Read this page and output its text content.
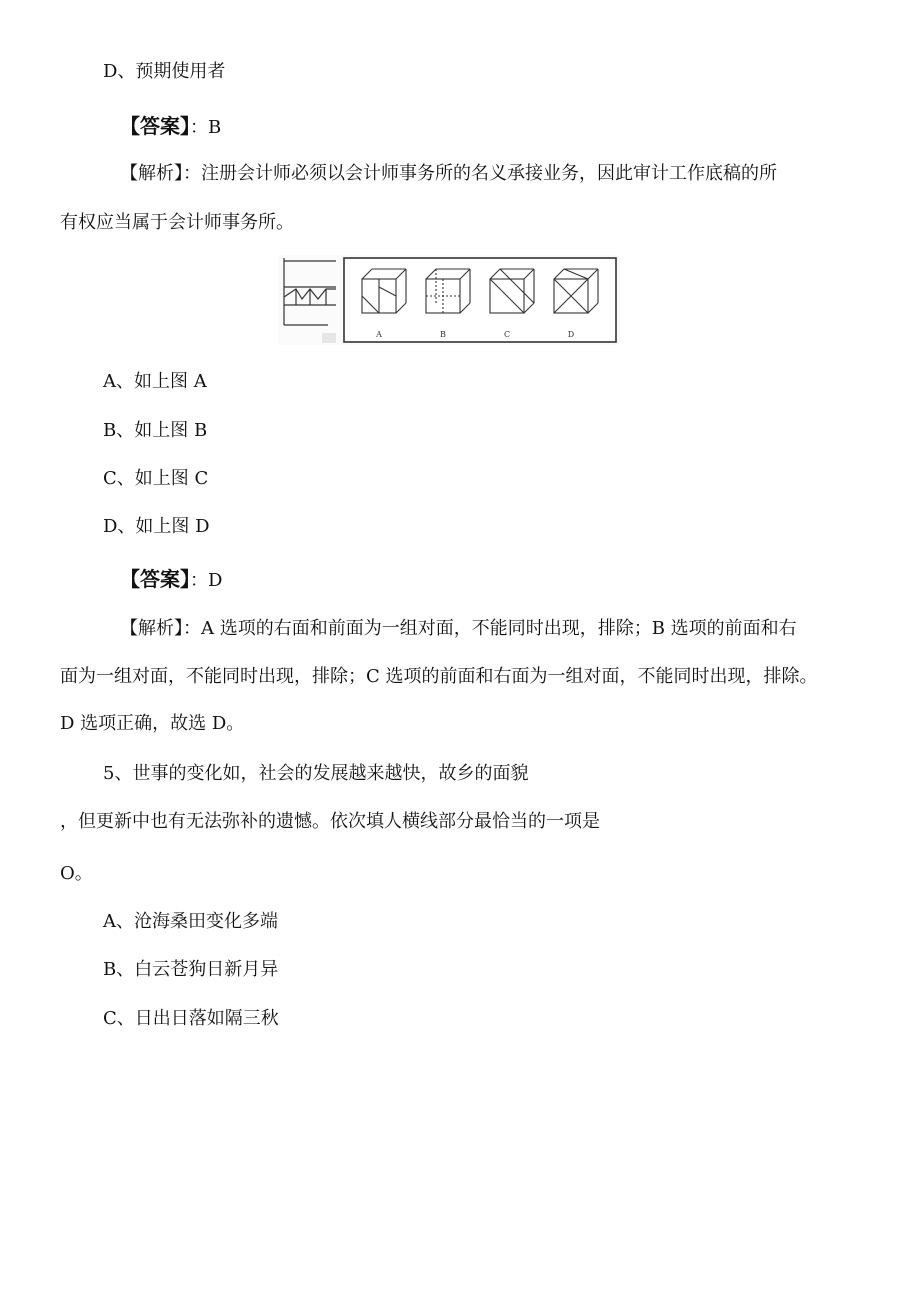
D、预期使用者
【答案】：B
【解析】：注册会计师必须以会计师事务所的名义承接业务，因此审计工作底稿的所
有权应当属于会计师事务所。
A	B	C	D
A、如上图 A
B、如上图 B
C、如上图 C
D、如上图 D
【答案】：D
【解析】：A 选项的右面和前面为一组对面，不能同时出现，排除；B 选项的前面和右
面为一组对面，不能同时出现，排除；C 选项的前面和右面为一组对面，不能同时出现，排除。
D 选项正确，故选 D。
5、世事的变化如，社会的发展越来越快，故乡的面貌
，但更新中也有无法弥补的遗憾。依次填人横线部分最恰当的一项是
O。
A、沧海桑田变化多端
B、白云苍狗日新月异
C、日出日落如隔三秋
